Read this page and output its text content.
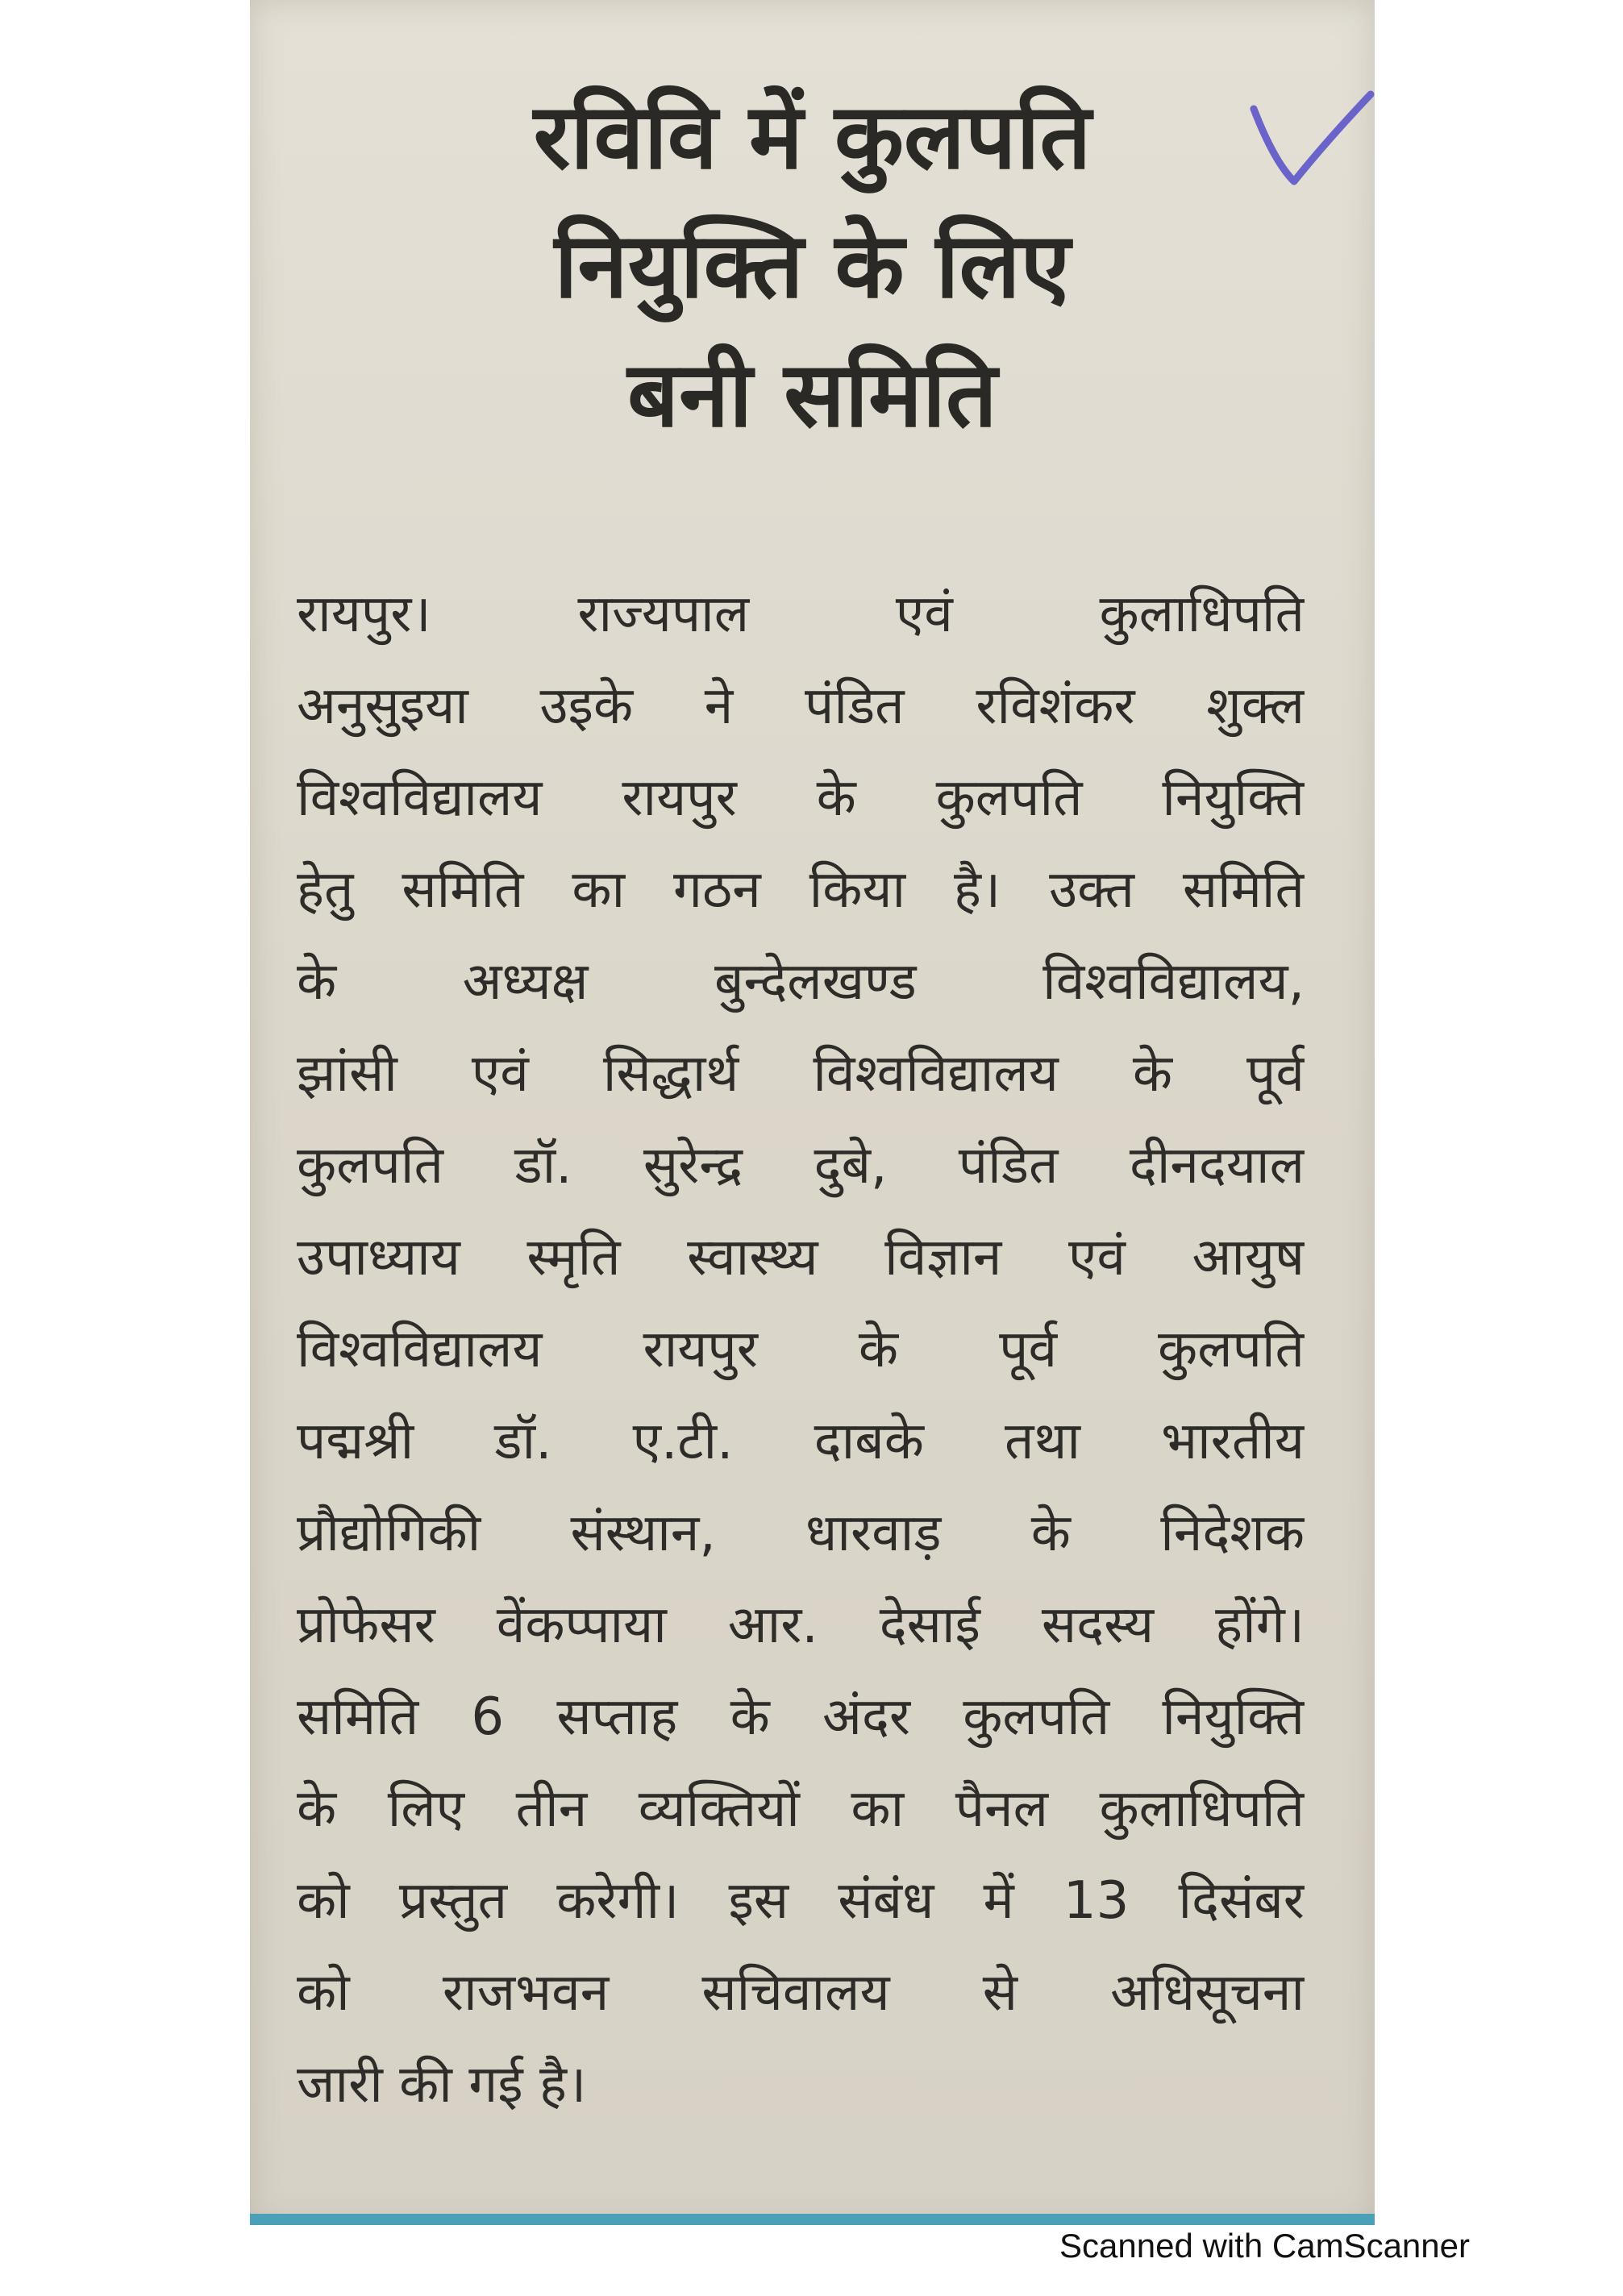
रविवि में कुलपति
नियुक्ति के लिए
बनी समिति
रायपुर। राज्यपाल एवं कुलाधिपति
अनुसुइया उइके ने पंडित रविशंकर शुक्ल
विश्वविद्यालय रायपुर के कुलपति नियुक्ति
हेतु समिति का गठन किया है। उक्त समिति
के अध्यक्ष बुन्देलखण्ड विश्वविद्यालय,
झांसी एवं सिद्धार्थ विश्वविद्यालय के पूर्व
कुलपति डॉ. सुरेन्द्र दुबे, पंडित दीनदयाल
उपाध्याय स्मृति स्वास्थ्य विज्ञान एवं आयुष
विश्वविद्यालय रायपुर के पूर्व कुलपति
पद्मश्री डॉ. ए.टी. दाबके तथा भारतीय
प्रौद्योगिकी संस्थान, धारवाड़ के निदेशक
प्रोफेसर वेंकप्पाया आर. देसाई सदस्य होंगे।
समिति 6 सप्ताह के अंदर कुलपति नियुक्ति
के लिए तीन व्यक्तियों का पैनल कुलाधिपति
को प्रस्तुत करेगी। इस संबंध में 13 दिसंबर
को राजभवन सचिवालय से अधिसूचना
जारी की गई है।
Scanned with CamScanner
